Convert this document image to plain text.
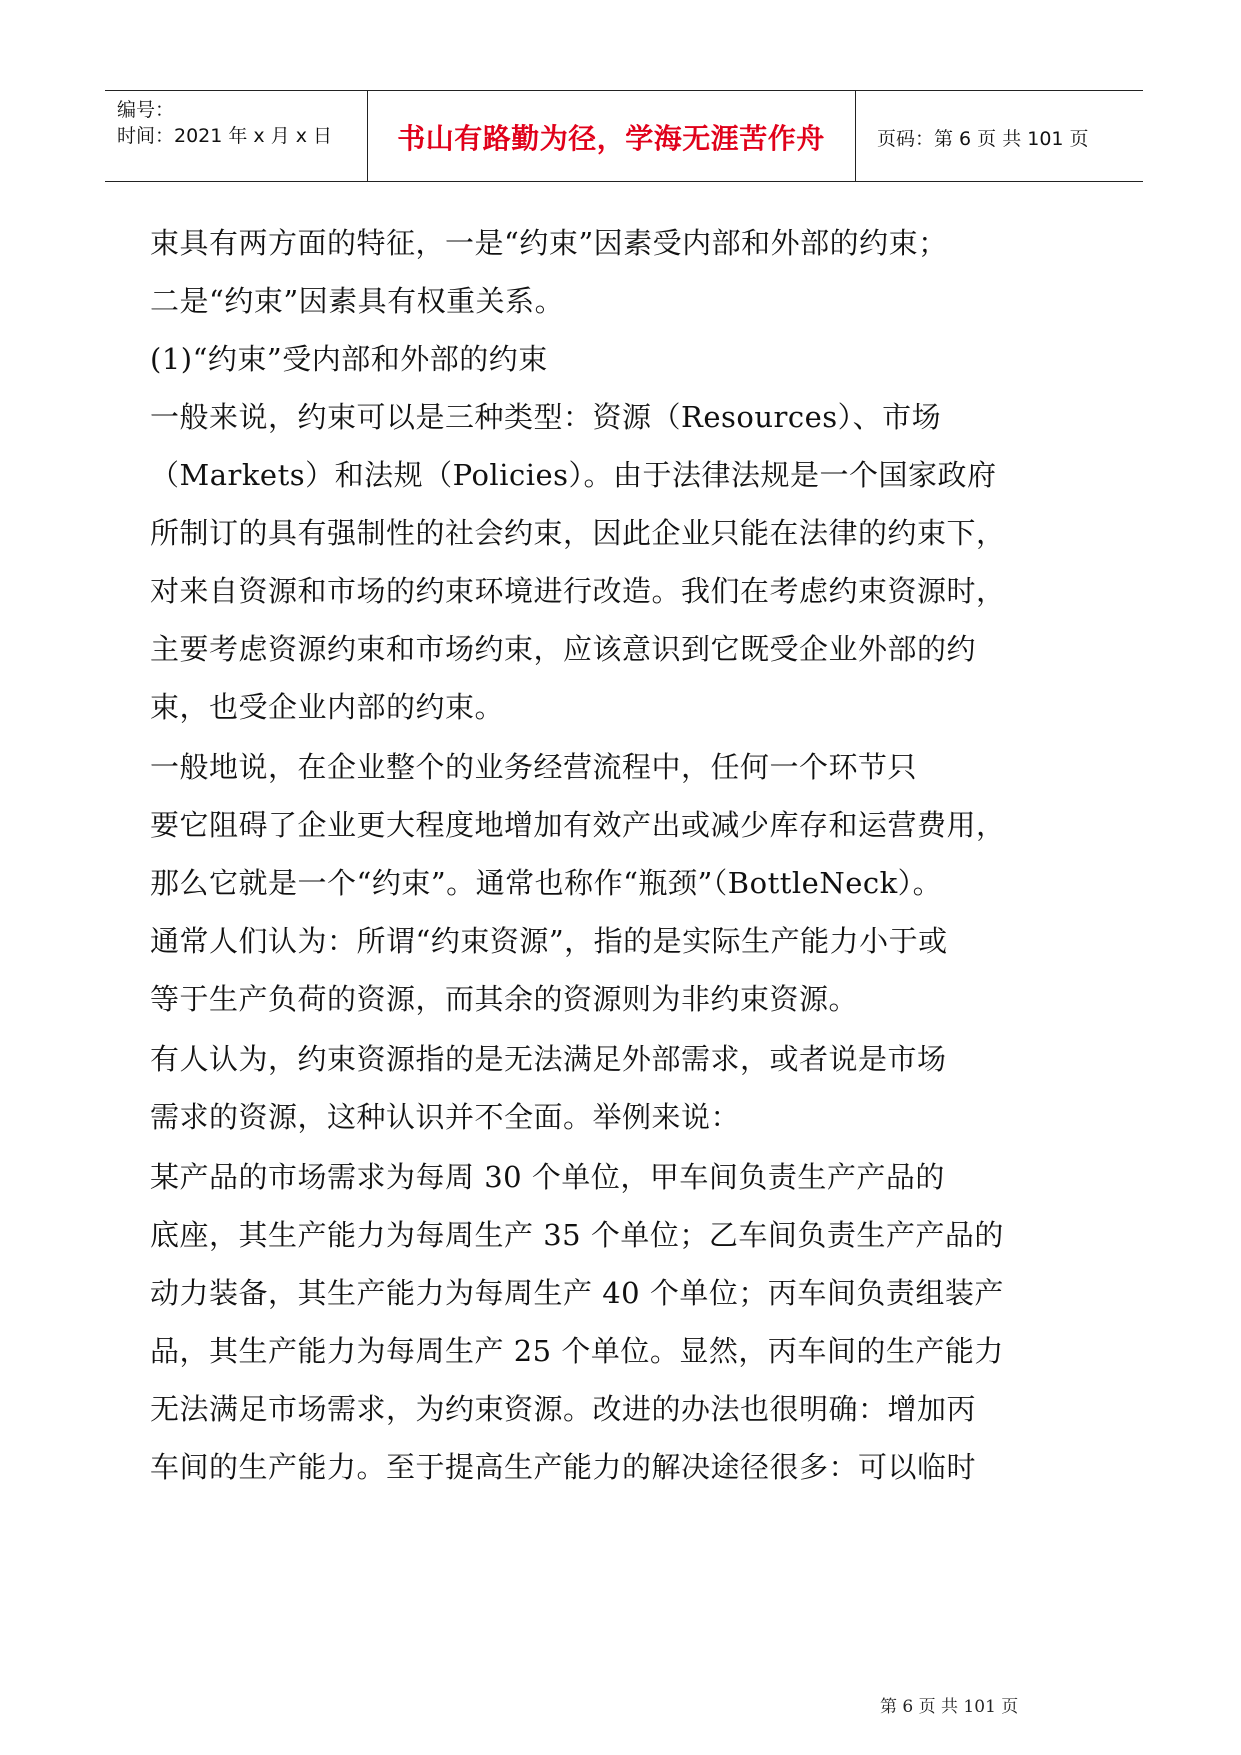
编号：
时间：2021 年 x 月 x 日	书山有路勤为径，学海无涯苦作舟	页码：第 6 页 共 101 页
束具有两方面的特征，一是“约束”因素受内部和外部的约束；
二是“约束”因素具有权重关系。
(1)“约束”受内部和外部的约束
一般来说，约束可以是三种类型：资源（Resources）、市场
（Markets）和法规（Policies）。由于法律法规是一个国家政府
所制订的具有强制性的社会约束，因此企业只能在法律的约束下，
对来自资源和市场的约束环境进行改造。我们在考虑约束资源时，
主要考虑资源约束和市场约束，应该意识到它既受企业外部的约
束，也受企业内部的约束。
一般地说，在企业整个的业务经营流程中，任何一个环节只
要它阻碍了企业更大程度地增加有效产出或减少库存和运营费用，
那么它就是一个“约束”。通常也称作“瓶颈”（BottleNeck）。
通常人们认为：所谓“约束资源”，指的是实际生产能力小于或
等于生产负荷的资源，而其余的资源则为非约束资源。
有人认为，约束资源指的是无法满足外部需求，或者说是市场
需求的资源，这种认识并不全面。举例来说：
某产品的市场需求为每周 30 个单位，甲车间负责生产产品的
底座，其生产能力为每周生产 35 个单位；乙车间负责生产产品的
动力装备，其生产能力为每周生产 40 个单位；丙车间负责组装产
品，其生产能力为每周生产 25 个单位。显然，丙车间的生产能力
无法满足市场需求，为约束资源。改进的办法也很明确：增加丙
车间的生产能力。至于提高生产能力的解决途径很多：可以临时
第 6 页 共 101 页
